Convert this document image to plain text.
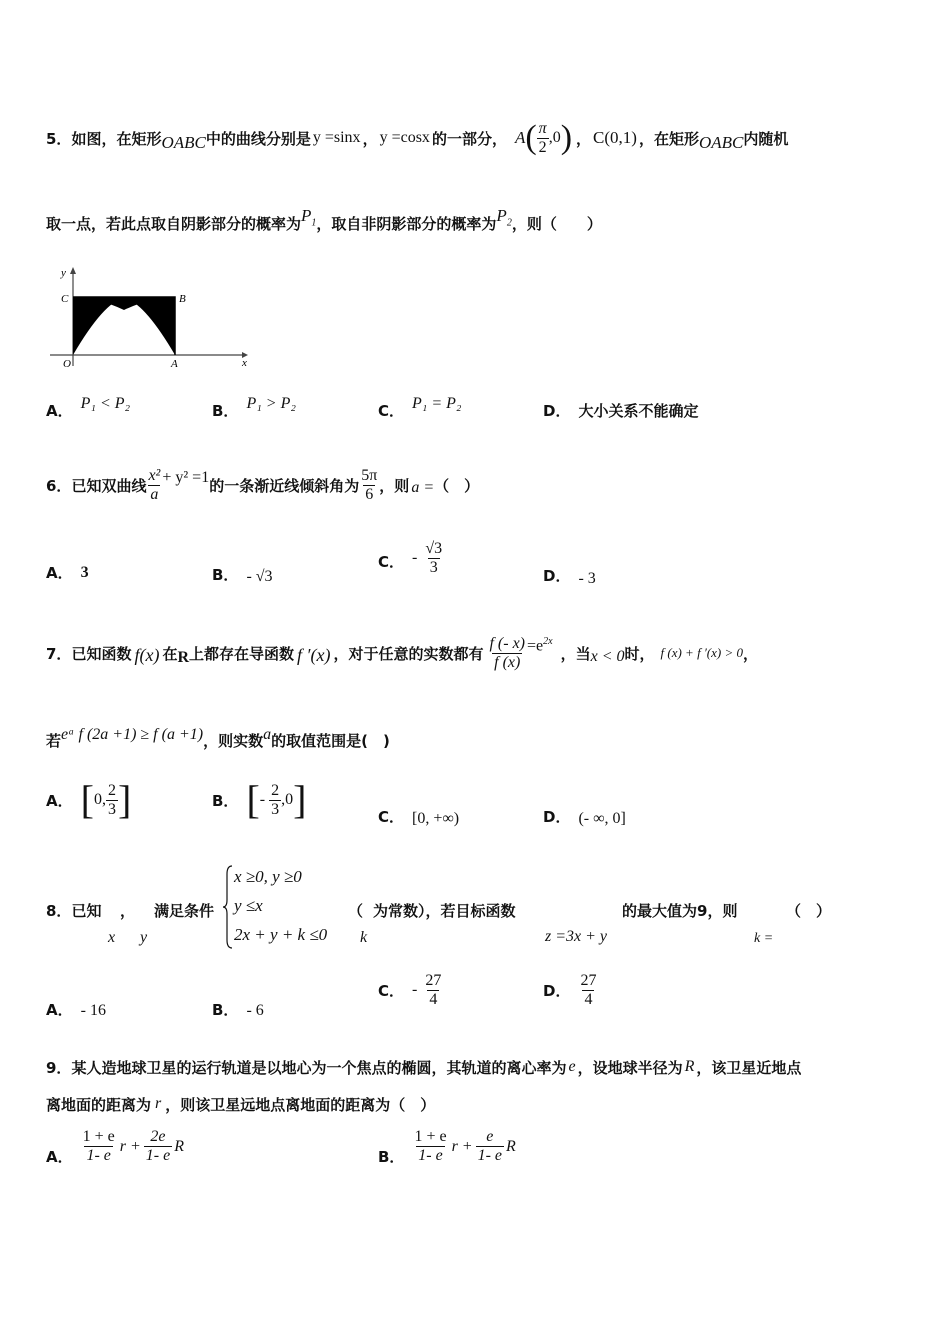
5． 如图，在矩形 OABC 中的曲线分别是 y =sinx ， y =cosx 的一部分， A ( $\frac{\pi}{2} ,0$ ) ， C(0,1) ，在矩形 OABC 内随机
取一点，若此点取自阴影部分的概率为 $P_1$ ，取自非阴影部分的概率为 $P_2$ ，则（　　）
y
x
C	B
O	A
A． P₁ < P₂	B． P₁ > P₂	C． P₁ = P₂	D． 大小关系不能确定
6． 已知双曲线 $\frac{\text{x²}}{a} + y^2 =1$ 的一条渐近线倾斜角为 $\frac{5\pi}{6}$ ，则 a = （　）
A． 3	B． - √3
C． - $\frac{√3}{3}$	D． - 3
7． 已知函数 f(x) 在 R 上都存在导函数 f ′(x) ，对于任意的实数都有 $\frac{f (- x)}{f (x)} =e^{2x}$
，当 x < 0 时， f (x) + f ′(x) > 0 ，
若 eᵃ f (2a +1) ≥ f (a +1) ，则实数 a 的取值范围是(　)
A． [ 0, $\frac{2}{3}$ ]	B． [ - $\frac{2}{3} ,0$ ]	C． [0, +∞)	D． (- ∞, 0]
8．已知 ， 满足条件
x y
x ≥0, y ≥0
y ≤x
2x + y + k ≤0
（
k
为常数），若目标函数
z =3x + y
的最大值为9，则
k =
（　）
A． - 16	B． - 6
C． - $\frac{27}{4}$	D． $\frac{27}{4}$
9． 某人造地球卫星的运行轨道是以地心为一个焦点的椭圆，其轨道的离心率为 e ，设地球半径为 R ，该卫星近地点
离地面的距离为 r ，则该卫星远地点离地面的距离为（　）
A． $\frac{1 + e}{1- e}$ $r + \frac{2e}{1- e}$ R
B． $\frac{1 + e}{1- e}$ $r + \frac{e}{1- e}$ R
